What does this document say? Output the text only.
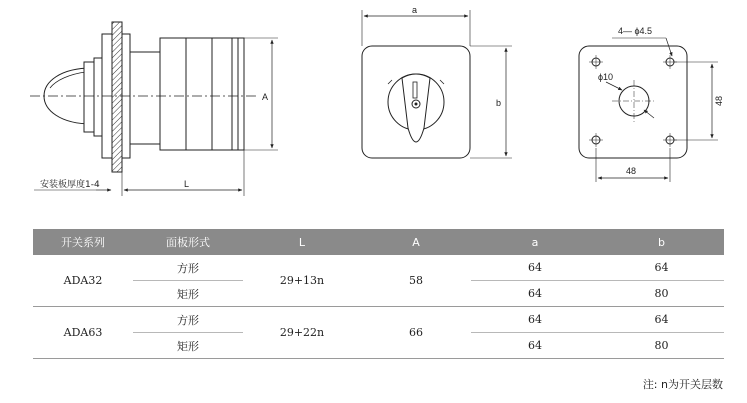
安装板厚度1-4	L
A
a
b
4— ϕ4.5
ϕ10
48
48
开关系列	面板形式	L	A	a	b
ADA32	方形	29+13n	58	64	64
	矩形			64	80
ADA63	方形	29+22n	66	64	64
	矩形			64	80
注: n为开关层数
